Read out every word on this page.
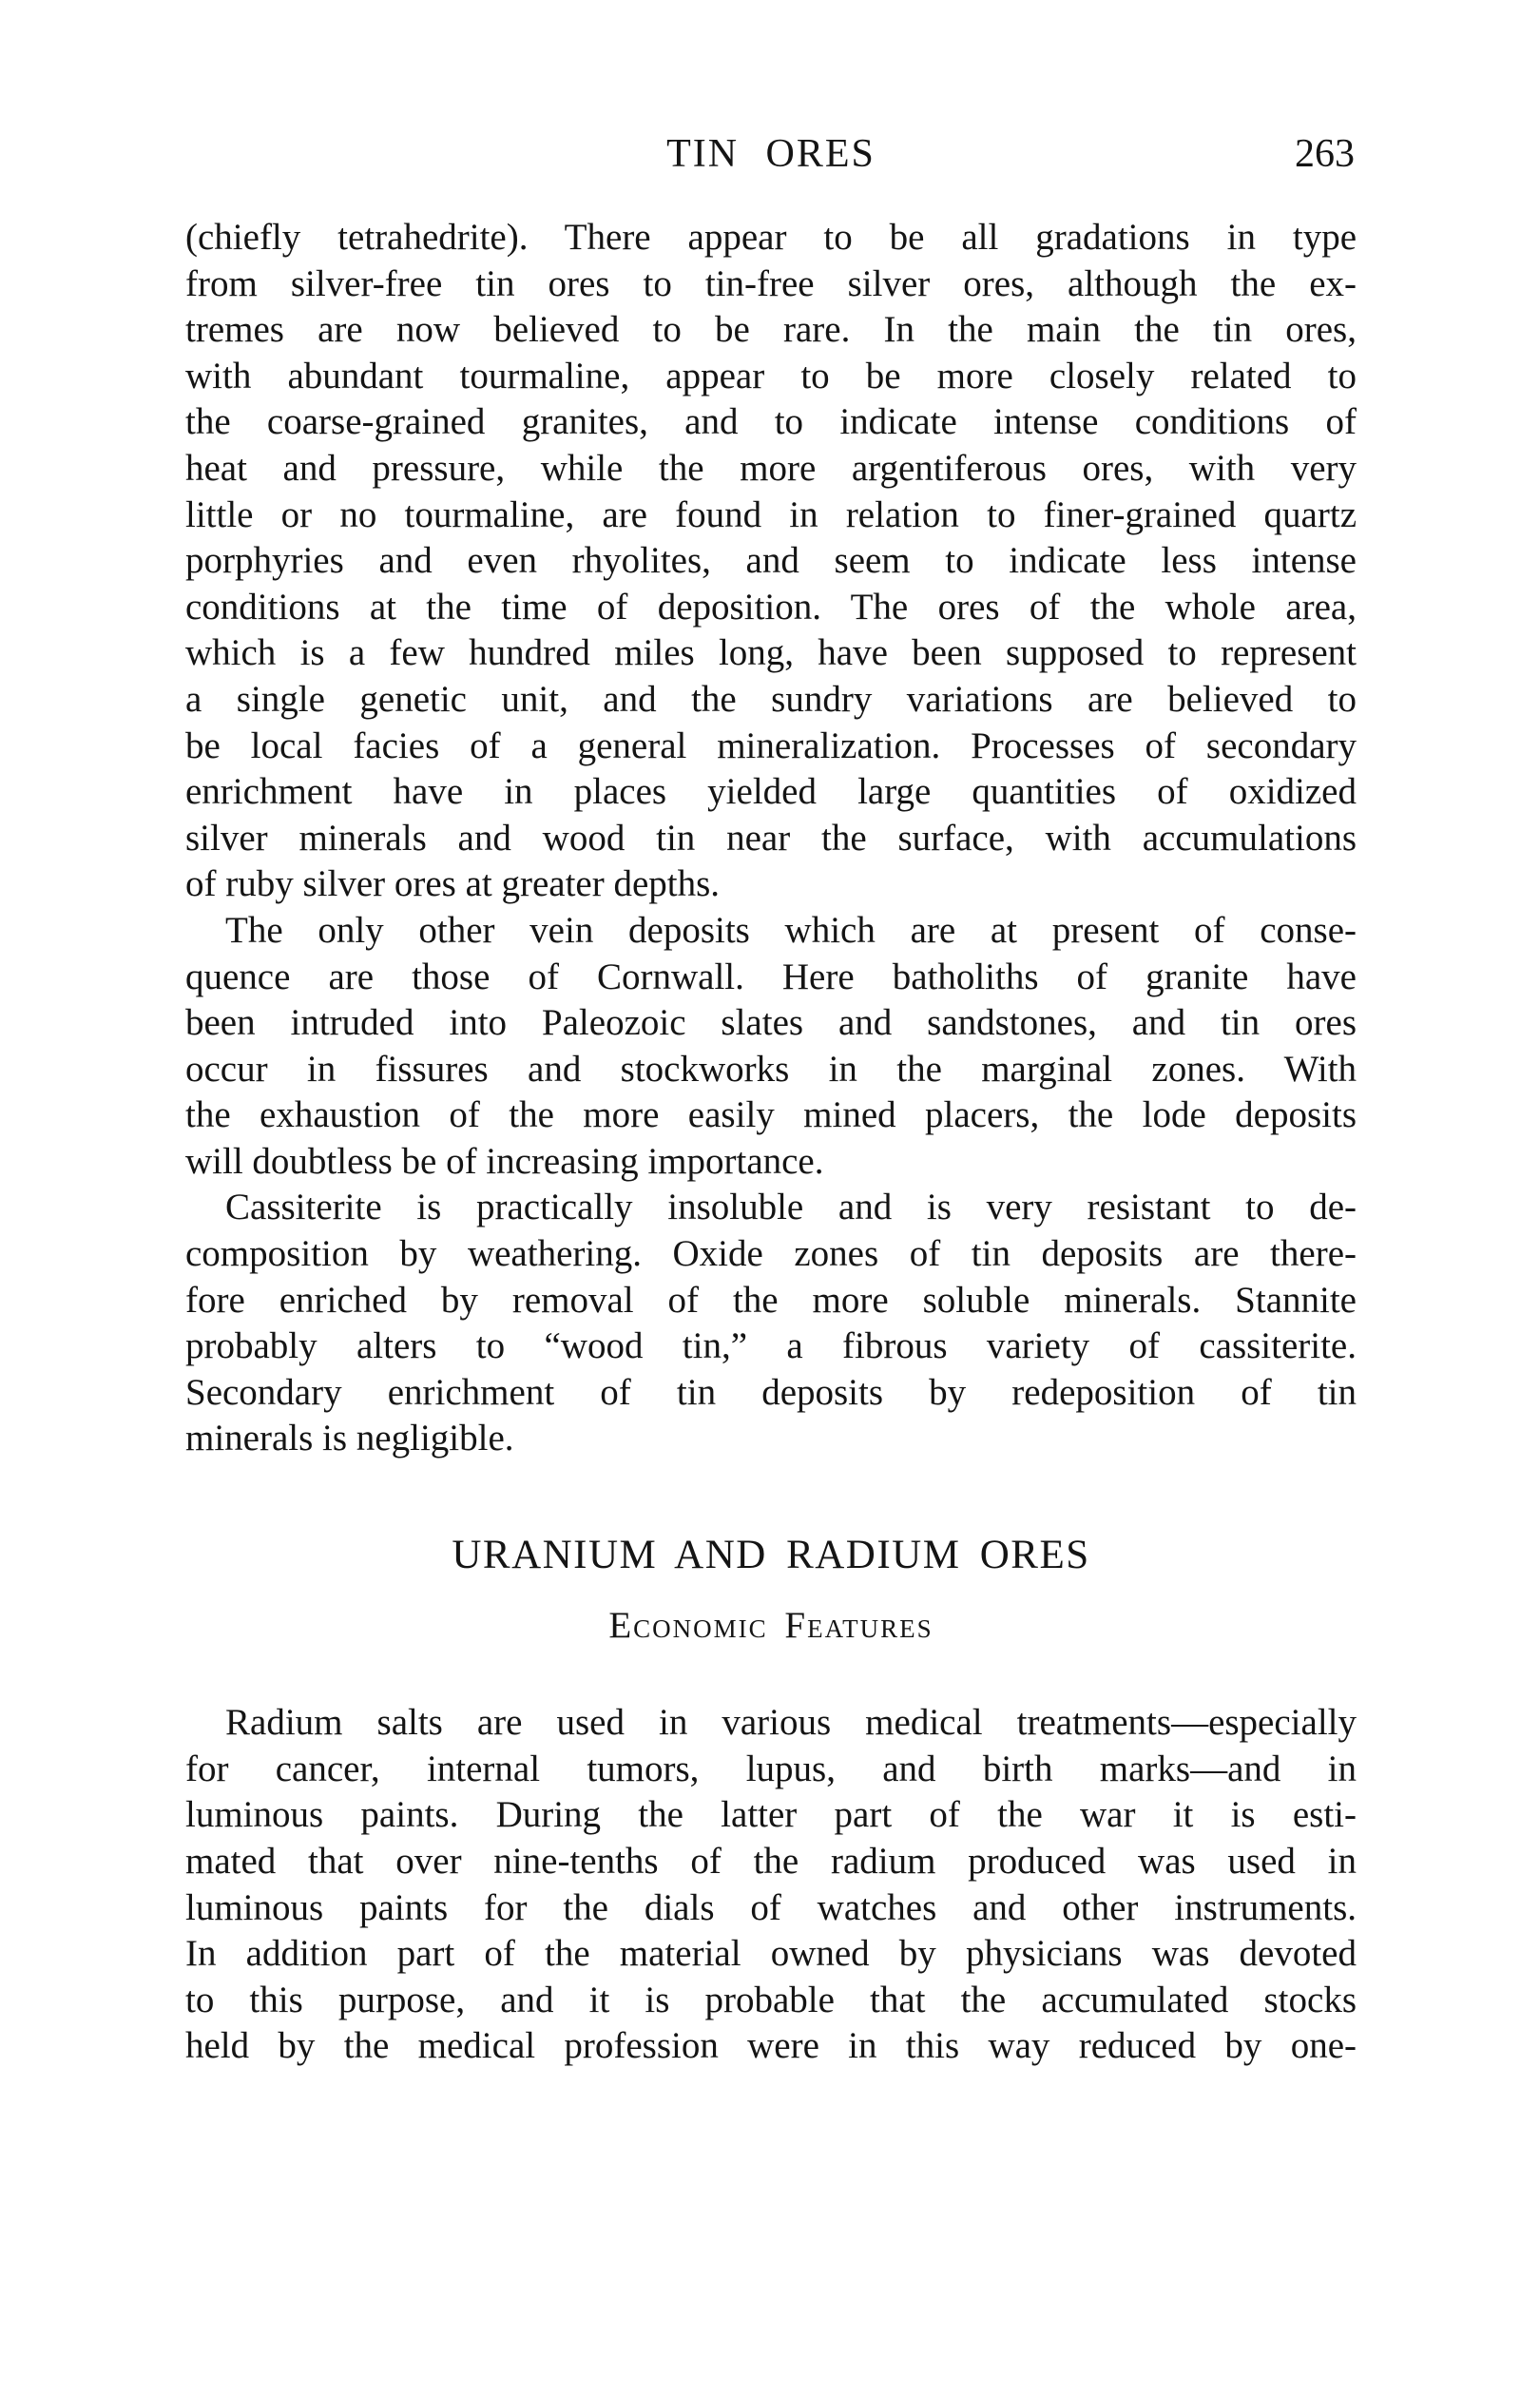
TIN ORES	263
(chiefly tetrahedrite). There appear to be all gradations in type
from silver-free tin ores to tin-free silver ores, although the ex-
tremes are now believed to be rare. In the main the tin ores,
with abundant tourmaline, appear to be more closely related to
the coarse-grained granites, and to indicate intense conditions of
heat and pressure, while the more argentiferous ores, with very
little or no tourmaline, are found in relation to finer-grained quartz
porphyries and even rhyolites, and seem to indicate less intense
conditions at the time of deposition. The ores of the whole area,
which is a few hundred miles long, have been supposed to represent
a single genetic unit, and the sundry variations are believed to
be local facies of a general mineralization. Processes of secondary
enrichment have in places yielded large quantities of oxidized
silver minerals and wood tin near the surface, with accumulations
of ruby silver ores at greater depths.
The only other vein deposits which are at present of conse-
quence are those of Cornwall. Here batholiths of granite have
been intruded into Paleozoic slates and sandstones, and tin ores
occur in fissures and stockworks in the marginal zones. With
the exhaustion of the more easily mined placers, the lode deposits
will doubtless be of increasing importance.
Cassiterite is practically insoluble and is very resistant to de-
composition by weathering. Oxide zones of tin deposits are there-
fore enriched by removal of the more soluble minerals. Stannite
probably alters to “wood tin,” a fibrous variety of cassiterite.
Secondary enrichment of tin deposits by redeposition of tin
minerals is negligible.
URANIUM AND RADIUM ORES
Economic Features
Radium salts are used in various medical treatments—especially
for cancer, internal tumors, lupus, and birth marks—and in
luminous paints. During the latter part of the war it is esti-
mated that over nine-tenths of the radium produced was used in
luminous paints for the dials of watches and other instruments.
In addition part of the material owned by physicians was devoted
to this purpose, and it is probable that the accumulated stocks
held by the medical profession were in this way reduced by one-
